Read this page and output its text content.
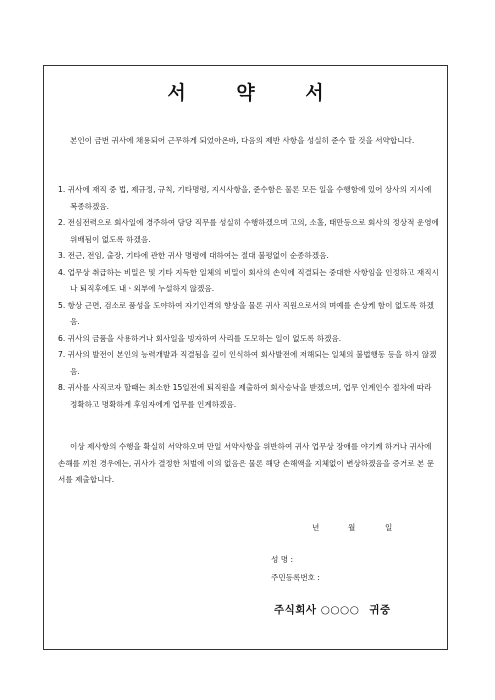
서 약 서
본인이 금번 귀사에 채용되어 근무하게 되었아온바, 다음의 제반 사항을 성실히 준수 할 것을 서약합니다.
1. 귀사에 재직 중 법, 제규정, 규칙, 기타명령, 지시사항을, 준수함은 물론 모든 일을 수행함에 있어 상사의 지시에 복종하겠음.
2. 전심전력으로 회사일에 경주하여 담당 직무를 성실히 수행하겠으며 고의, 소홀, 태만등으로 회사의 정상적 운영에 위배됨이 없도록 하겠음.
3. 전근, 전임, 출장, 기타에 관한 귀사 명령에 대하여는 절대 불평없이 순종하겠음.
4. 업무상 취급하는 비밀은 및 기타 지득한 일체의 비밀이 회사의 손익에 직결되는 중대한 사항임을 인정하고 재직시나 퇴직후에도 내ㆍ외부에 누설하지 않겠음.
5. 항상 근면, 검소로 품성을 도야하여 자기인격의 향상을 물론 귀사 직원으로서의 며예를 손상케 함이 없도록 하겠음.
6. 귀사의 금품을 사용하거나 회사일을 빙자하여 사리를 도모하는 일이 없도록 하겠음.
7. 귀사의 발전이 본인의 능력개발과 직결됨을 깊이 인식하여 회사발전에 저해되는 일체의 불법행동 등을 하지 않겠음.
8. 귀사를 사직코자 할때는 최소한 15일전에 퇴직원을 제출하여 회사승낙을 받겠으며, 업무 인계인수 절차에 따라 정확하고 명확하게 후임자에게 업무를 인계하겠음.
이상 제사항의 수행을 확실히 서약하오며 만일 서약사항을 위반하여 귀사 업무상 장애를 야기케 하거나 귀사에 손해를 끼친 경우에는, 귀사가 결정한 처벌에 이의 없음은 물론 해당 손해액을 지체없이 변상하겠음을 증거로 본 문서를 제출합니다.
년	월	일
성 명 :
주민등록번호 :
주식회사 ○○○○ 귀중
